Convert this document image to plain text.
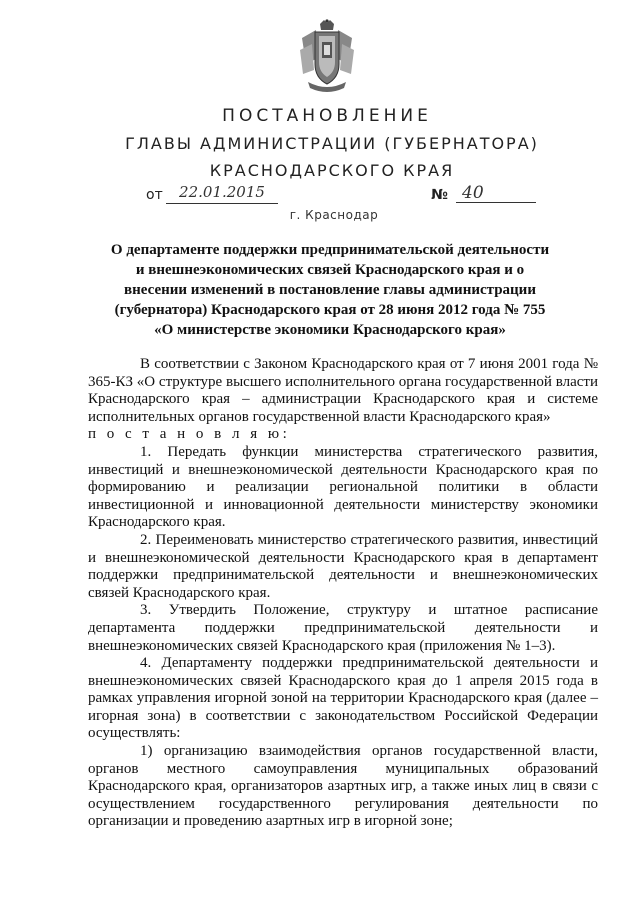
ПОСТАНОВЛЕНИЕ
ГЛАВЫ АДМИНИСТРАЦИИ (ГУБЕРНАТОРА)
КРАСНОДАРСКОГО КРАЯ
от	22.01.2015	№ 40
г. Краснодар
О департаменте поддержки предпринимательской деятельности и внешнеэкономических связей Краснодарского края и о внесении изменений в постановление главы администрации (губернатора) Краснодарского края от 28 июня 2012 года № 755 «О министерстве экономики Краснодарского края»

В соответствии с Законом Краснодарского края от 7 июня 2001 года № 365-КЗ «О структуре высшего исполнительного органа государственной власти Краснодарского края – администрации Краснодарского края и системе исполнительных органов государственной власти Краснодарского края»

п о с т а н о в л я ю:

1. Передать функции министерства стратегического развития, инвестиций и внешнеэкономической деятельности Краснодарского края по формированию и реализации региональной политики в области инвестиционной и инновационной деятельности министерству экономики Краснодарского края.

2. Переименовать министерство стратегического развития, инвестиций и внешнеэкономической деятельности Краснодарского края в департамент поддержки предпринимательской деятельности и внешнеэкономических связей Краснодарского края.

3. Утвердить Положение, структуру и штатное расписание департамента поддержки предпринимательской деятельности и внешнеэкономических связей Краснодарского края (приложения № 1–3).

4. Департаменту поддержки предпринимательской деятельности и внешнеэкономических связей Краснодарского края до 1 апреля 2015 года в рамках управления игорной зоной на территории Краснодарского края (далее – игорная зона) в соответствии с законодательством Российской Федерации осуществлять:

1) организацию взаимодействия органов государственной власти, органов местного самоуправления муниципальных образований Краснодарского края, организаторов азартных игр, а также иных лиц в связи с осуществлением государственного регулирования деятельности по организации и проведению азартных игр в игорной зоне;
